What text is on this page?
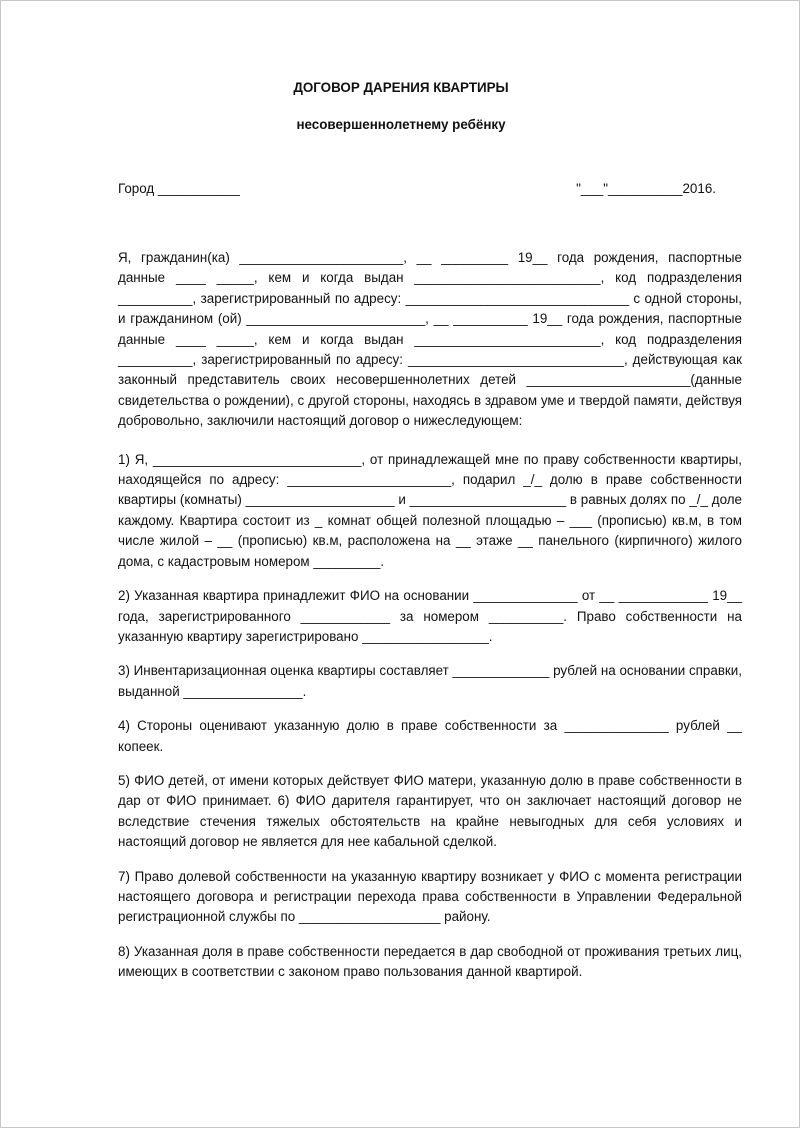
ДОГОВОР ДАРЕНИЯ КВАРТИРЫ

несовершеннолетнему ребёнку

Город ___________	"___"__________2016.

Я, гражданин(ка) ______________________, __ _________ 19__ года рождения, паспортные данные ____ _____, кем и когда выдан _________________________, код подразделения __________, зарегистрированный по адресу: ______________________________ с одной стороны, и гражданином (ой) ________________________, __ __________ 19__ года рождения, паспортные данные ____ _____, кем и когда выдан _________________________, код подразделения __________, зарегистрированный по адресу: _____________________________, действующая как законный представитель своих несовершеннолетних детей ______________________(данные свидетельства о рождении), с другой стороны, находясь в здравом уме и твердой памяти, действуя добровольно, заключили настоящий договор о нижеследующем:

1) Я, ____________________________, от принадлежащей мне по праву собственности квартиры, находящейся по адресу: ______________________, подарил _/_ долю в праве собственности квартиры (комнаты) ____________________ и _____________________ в равных долях по _/_ доле каждому. Квартира состоит из _ комнат общей полезной площадью – ___ (прописью) кв.м, в том числе жилой – __ (прописью) кв.м, расположена на __ этаже __ панельного (кирпичного) жилого дома, с кадастровым номером _________.

2) Указанная квартира принадлежит ФИО на основании ______________ от __ ____________ 19__ года, зарегистрированного ____________ за номером __________. Право собственности на указанную квартиру зарегистрировано _________________.

3) Инвентаризационная оценка квартиры составляет _____________ рублей на основании справки, выданной ________________.

4) Стороны оценивают указанную долю в праве собственности за ______________ рублей __ копеек.

5) ФИО детей, от имени которых действует ФИО матери, указанную долю в праве собственности в дар от ФИО принимает. 6) ФИО дарителя гарантирует, что он заключает настоящий договор не вследствие стечения тяжелых обстоятельств на крайне невыгодных для себя условиях и настоящий договор не является для нее кабальной сделкой.

7) Право долевой собственности на указанную квартиру возникает у ФИО с момента регистрации настоящего договора и регистрации перехода права собственности в Управлении Федеральной регистрационной службы по ___________________ району.

8) Указанная доля в праве собственности передается в дар свободной от проживания третьих лиц, имеющих в соответствии с законом право пользования данной квартирой.
